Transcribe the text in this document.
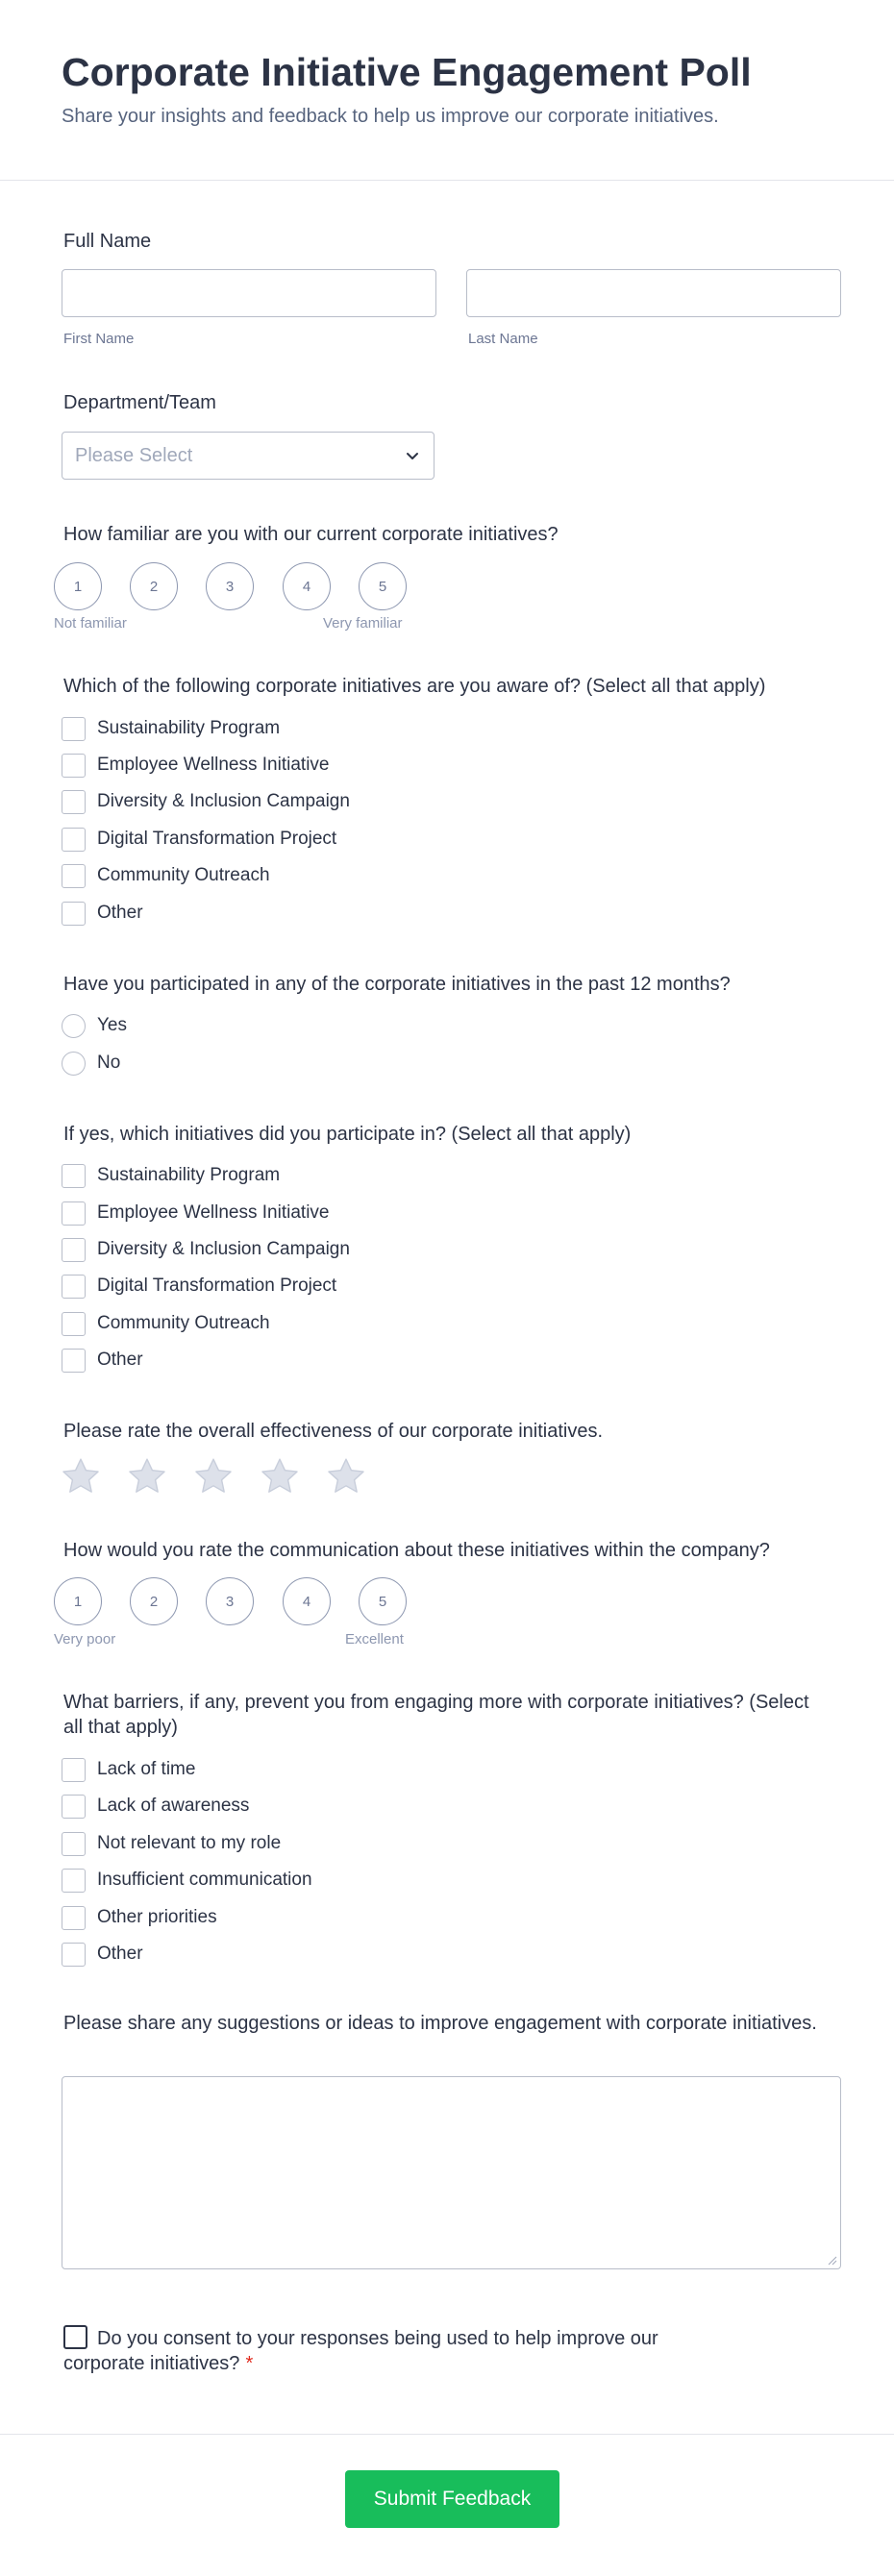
Corporate Initiative Engagement Poll
Share your insights and feedback to help us improve our corporate initiatives.
Full Name
First Name	Last Name
Department/Team
Please Select
How familiar are you with our current corporate initiatives?
1	2	3	4	5
Not familiar	Very familiar
Which of the following corporate initiatives are you aware of? (Select all that apply)
Sustainability Program
Employee Wellness Initiative
Diversity & Inclusion Campaign
Digital Transformation Project
Community Outreach
Other
Have you participated in any of the corporate initiatives in the past 12 months?
Yes
No
If yes, which initiatives did you participate in? (Select all that apply)
Sustainability Program
Employee Wellness Initiative
Diversity & Inclusion Campaign
Digital Transformation Project
Community Outreach
Other
Please rate the overall effectiveness of our corporate initiatives.
How would you rate the communication about these initiatives within the company?
1	2	3	4	5
Very poor	Excellent
What barriers, if any, prevent you from engaging more with corporate initiatives? (Select all that apply)
Lack of time
Lack of awareness
Not relevant to my role
Insufficient communication
Other priorities
Other
Please share any suggestions or ideas to improve engagement with corporate initiatives.
Do you consent to your responses being used to help improve our corporate initiatives? *
Submit Feedback
